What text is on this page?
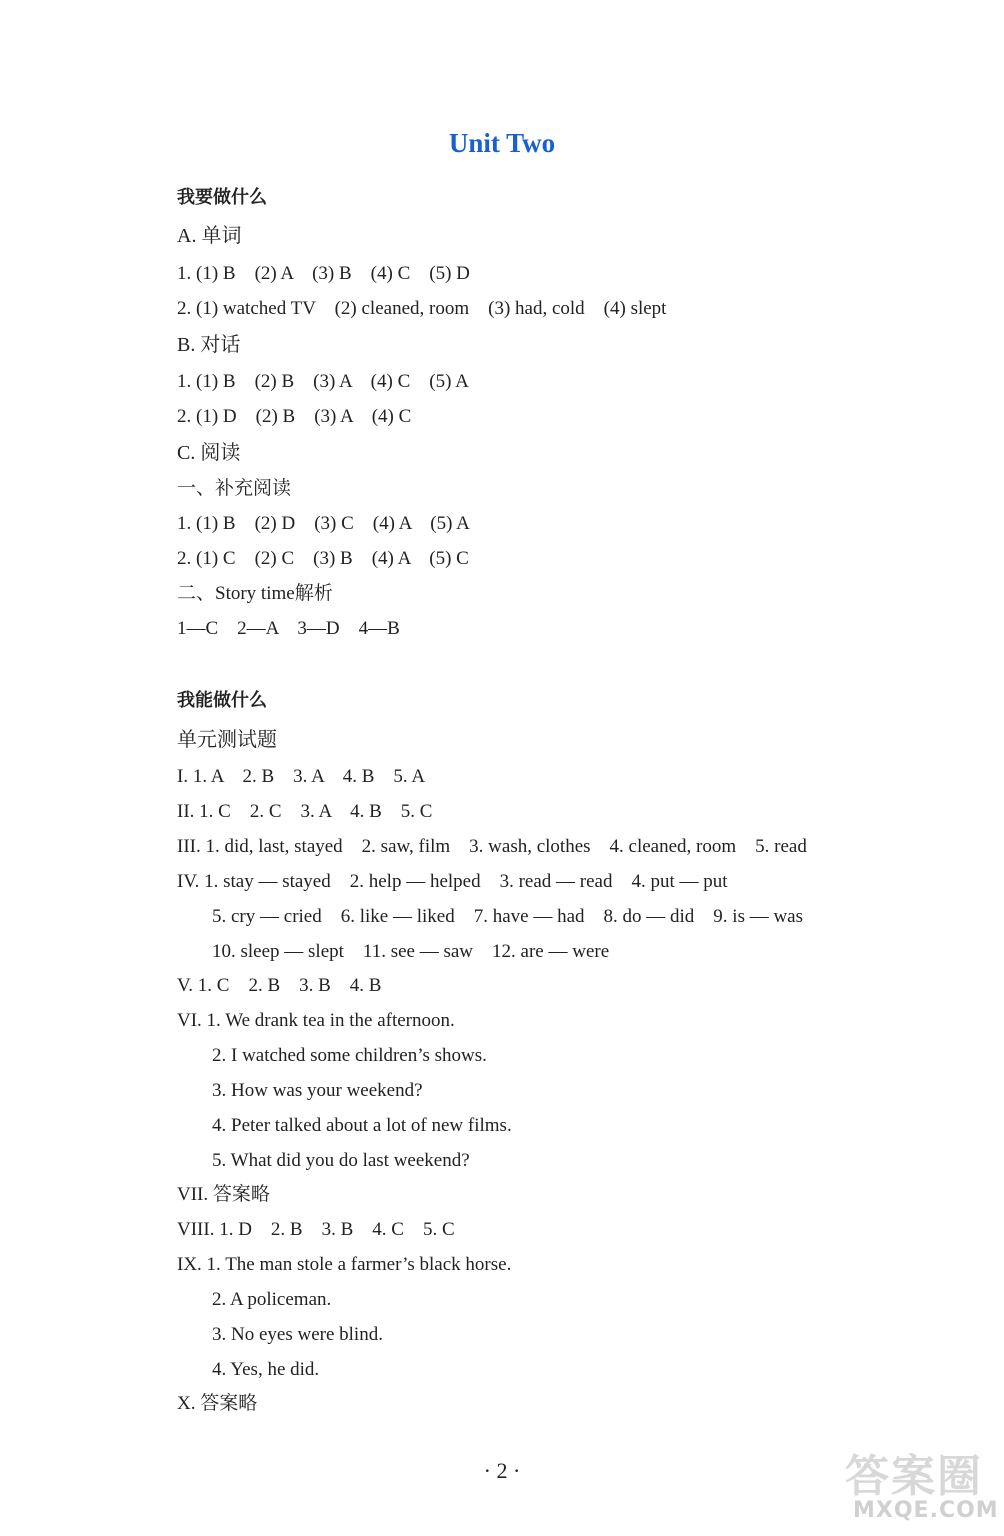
Unit Two
我要做什么
A. 单词
1. (1) B    (2) A    (3) B    (4) C    (5) D
2. (1) watched TV    (2) cleaned, room    (3) had, cold    (4) slept
B. 对话
1. (1) B    (2) B    (3) A    (4) C    (5) A
2. (1) D    (2) B    (3) A    (4) C
C. 阅读
一、补充阅读
1. (1) B    (2) D    (3) C    (4) A    (5) A
2. (1) C    (2) C    (3) B    (4) A    (5) C
二、Story time解析
1—C    2—A    3—D    4—B
我能做什么
单元测试题
I. 1. A    2. B    3. A    4. B    5. A
II. 1. C    2. C    3. A    4. B    5. C
III. 1. did, last, stayed    2. saw, film    3. wash, clothes    4. cleaned, room    5. read
IV. 1. stay — stayed    2. help — helped    3. read — read    4. put — put
5. cry — cried    6. like — liked    7. have — had    8. do — did    9. is — was
10. sleep — slept    11. see — saw    12. are — were
V. 1. C    2. B    3. B    4. B
VI. 1. We drank tea in the afternoon.
2. I watched some children’s shows.
3. How was your weekend?
4. Peter talked about a lot of new films.
5. What did you do last weekend?
VII. 答案略
VIII. 1. D    2. B    3. B    4. C    5. C
IX. 1. The man stole a farmer’s black horse.
2. A policeman.
3. No eyes were blind.
4. Yes, he did.
X. 答案略
· 2 ·	答案圈
MXQE.COM
